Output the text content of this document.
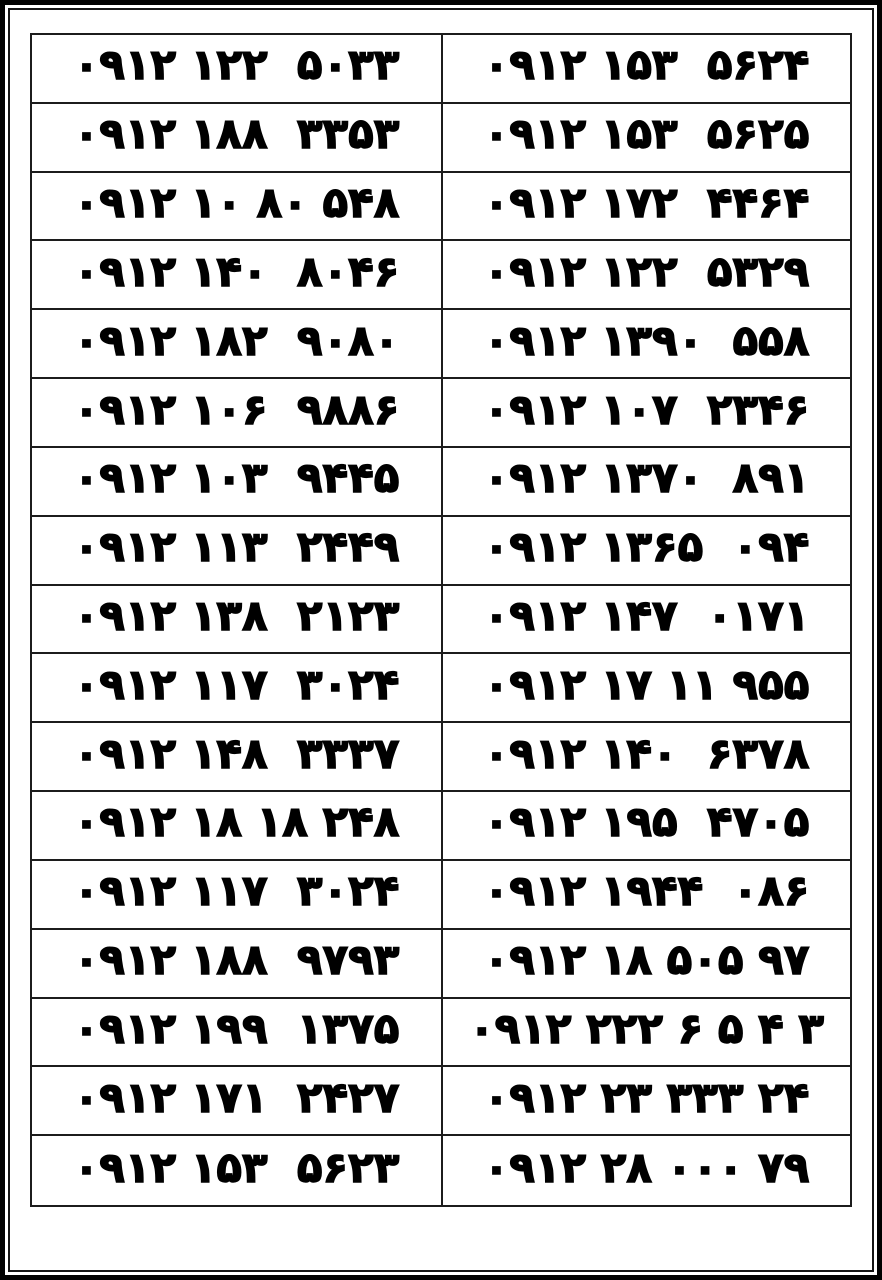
۰۹۱۲ ۱۲۲  ۵۰۳۳	۰۹۱۲ ۱۵۳  ۵۶۲۴
۰۹۱۲ ۱۸۸  ۳۳۵۳	۰۹۱۲ ۱۵۳  ۵۶۲۵
۰۹۱۲ ۱۰ ۸۰ ۵۴۸	۰۹۱۲ ۱۷۲  ۴۴۶۴
۰۹۱۲ ۱۴۰  ۸۰۴۶	۰۹۱۲ ۱۲۲  ۵۳۲۹
۰۹۱۲ ۱۸۲  ۹۰۸۰	۰۹۱۲ ۱۳۹۰  ۵۵۸
۰۹۱۲ ۱۰۶  ۹۸۸۶	۰۹۱۲ ۱۰۷  ۲۳۴۶
۰۹۱۲ ۱۰۳  ۹۴۴۵	۰۹۱۲ ۱۳۷۰  ۸۹۱
۰۹۱۲ ۱۱۳  ۲۴۴۹	۰۹۱۲ ۱۳۶۵  ۰۹۴
۰۹۱۲ ۱۳۸  ۲۱۲۳	۰۹۱۲ ۱۴۷  ۰۱۷۱
۰۹۱۲ ۱۱۷  ۳۰۲۴	۰۹۱۲ ۱۷ ۱۱ ۹۵۵
۰۹۱۲ ۱۴۸  ۳۳۳۷	۰۹۱۲ ۱۴۰  ۶۳۷۸
۰۹۱۲ ۱۸ ۱۸ ۲۴۸	۰۹۱۲ ۱۹۵  ۴۷۰۵
۰۹۱۲ ۱۱۷  ۳۰۲۴	۰۹۱۲ ۱۹۴۴  ۰۸۶
۰۹۱۲ ۱۸۸  ۹۷۹۳	۰۹۱۲ ۱۸ ۵۰۵ ۹۷
۰۹۱۲ ۱۹۹  ۱۳۷۵	۰۹۱۲ ۲۲۲ ۶ ۵ ۴ ۳
۰۹۱۲ ۱۷۱  ۲۴۲۷	۰۹۱۲ ۲۳ ۳۳۳ ۲۴
۰۹۱۲ ۱۵۳  ۵۶۲۳	۰۹۱۲ ۲۸ ۰۰۰ ۷۹
